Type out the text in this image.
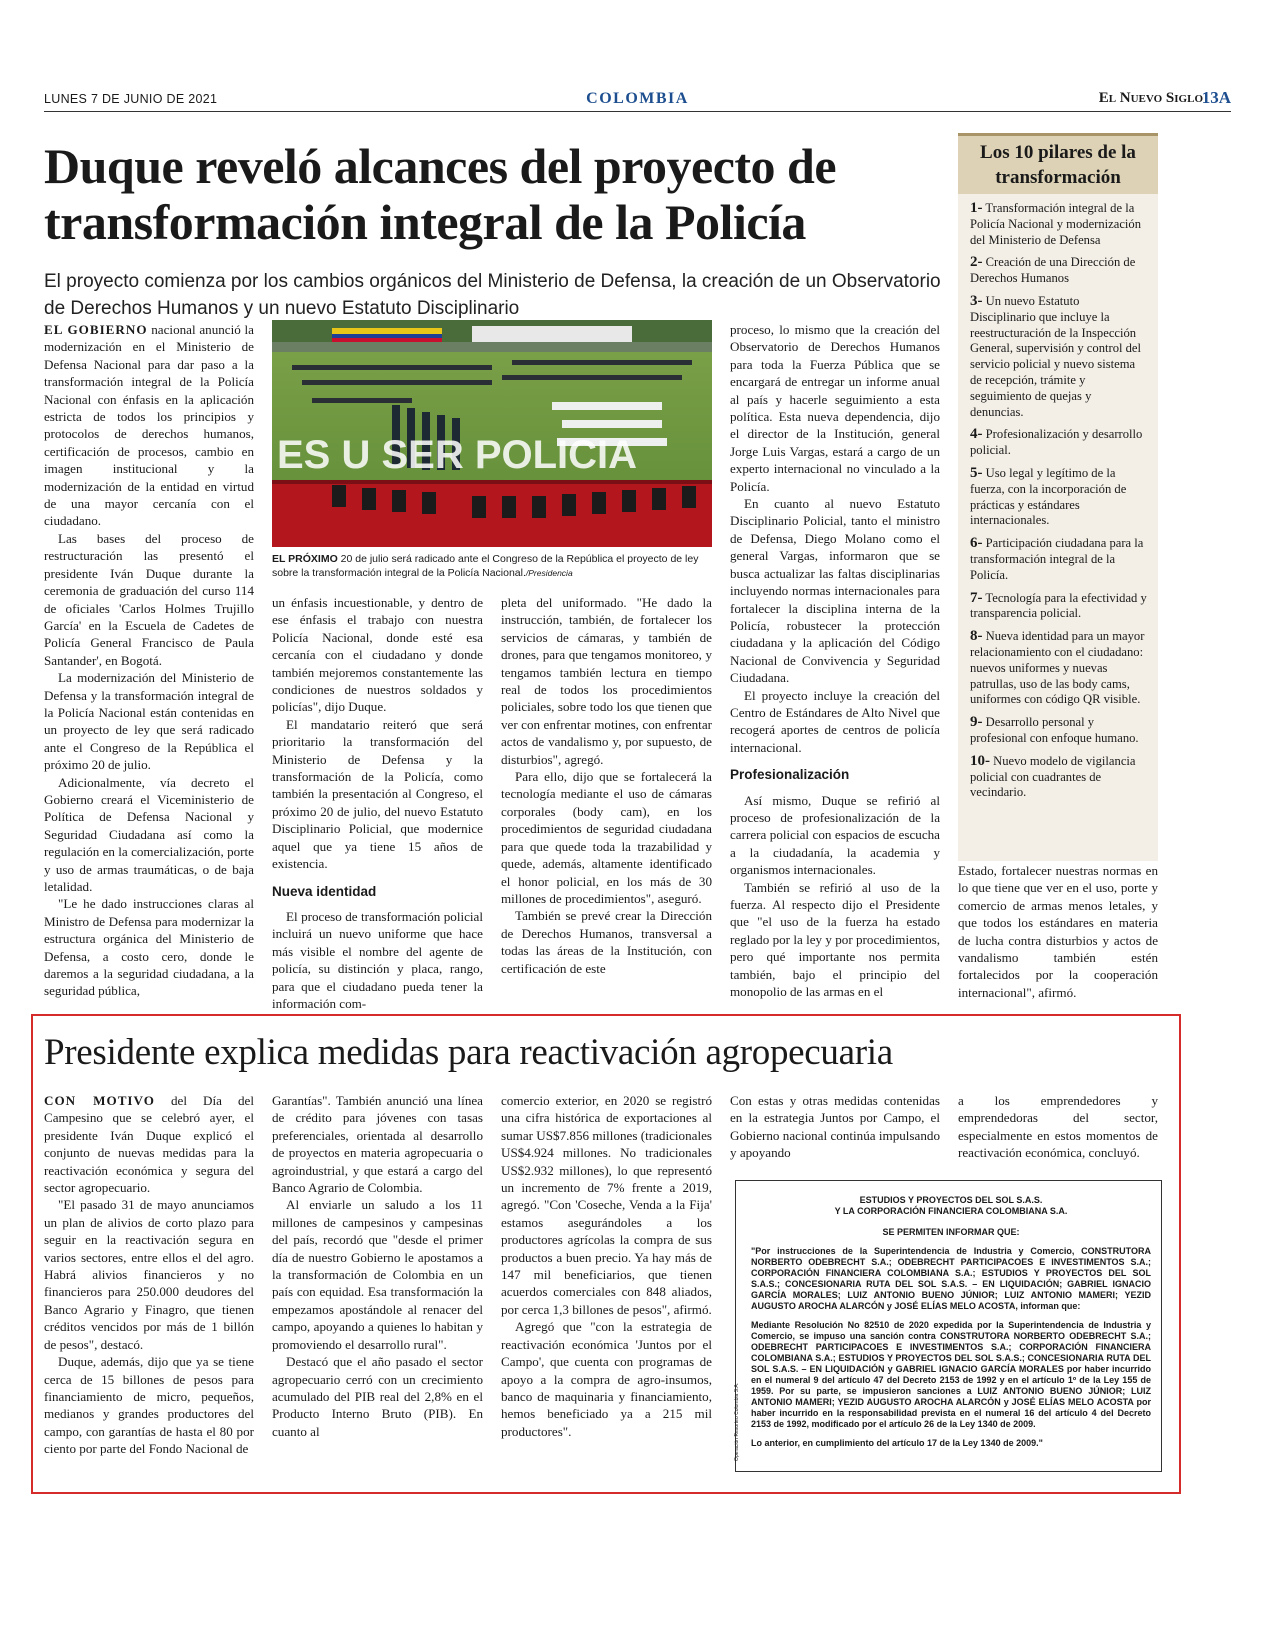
LUNES 7 DE JUNIO DE 2021	COLOMBIA	El Nuevo Siglo
13A
Duque reveló alcances del proyecto de transformación integral de la Policía
El proyecto comienza por los cambios orgánicos del Ministerio de Defensa, la creación de un Observatorio de Derechos Humanos y un nuevo Estatuto Disciplinario

EL GOBIERNO nacional anunció la modernización en el Ministerio de Defensa Nacional para dar paso a la transformación integral de la Policía Nacional con énfasis en la aplicación estricta de todos los principios y protocolos de derechos humanos, certificación de procesos, cambio en imagen institucional y la modernización de la entidad en virtud de una mayor cercanía con el ciudadano.

Las bases del proceso de restructuración las presentó el presidente Iván Duque durante la ceremonia de graduación del curso 114 de oficiales 'Carlos Holmes Trujillo García' en la Escuela de Cadetes de Policía General Francisco de Paula Santander', en Bogotá.

La modernización del Ministerio de Defensa y la transformación integral de la Policía Nacional están contenidas en un proyecto de ley que será radicado ante el Congreso de la República el próximo 20 de julio.

Adicionalmente, vía decreto el Gobierno creará el Viceministerio de Política de Defensa Nacional y Seguridad Ciudadana así como la regulación en la comercialización, porte y uso de armas traumáticas, o de baja letalidad.

"Le he dado instrucciones claras al Ministro de Defensa para modernizar la estructura orgánica del Ministerio de Defensa, a costo cero, donde le daremos a la seguridad ciudadana, a la seguridad pública,

ES U SER POLICIA
EL PRÓXIMO 20 de julio será radicado ante el Congreso de la República el proyecto de ley sobre la transformación integral de la Policía Nacional./Presidencia

un énfasis incuestionable, y dentro de ese énfasis el trabajo con nuestra Policía Nacional, donde esté esa cercanía con el ciudadano y donde también mejoremos constantemente las condiciones de nuestros soldados y policías", dijo Duque.

El mandatario reiteró que será prioritario la transformación del Ministerio de Defensa y la transformación de la Policía, como también la presentación al Congreso, el próximo 20 de julio, del nuevo Estatuto Disciplinario Policial, que modernice aquel que ya tiene 15 años de existencia.

Nueva identidad

El proceso de transformación policial incluirá un nuevo uniforme que hace más visible el nombre del agente de policía, su distinción y placa, rango, para que el ciudadano pueda tener la información com-

pleta del uniformado. "He dado la instrucción, también, de fortalecer los servicios de cámaras, y también de drones, para que tengamos monitoreo, y tengamos también lectura en tiempo real de todos los procedimientos policiales, sobre todo los que tienen que ver con enfrentar motines, con enfrentar actos de vandalismo y, por supuesto, de disturbios", agregó.

Para ello, dijo que se fortalecerá la tecnología mediante el uso de cámaras corporales (body cam), en los procedimientos de seguridad ciudadana para que quede toda la trazabilidad y quede, además, altamente identificado el honor policial, en los más de 30 millones de procedimientos", aseguró.

También se prevé crear la Dirección de Derechos Humanos, transversal a todas las áreas de la Institución, con certificación de este

proceso, lo mismo que la creación del Observatorio de Derechos Humanos para toda la Fuerza Pública que se encargará de entregar un informe anual al país y hacerle seguimiento a esta política. Esta nueva dependencia, dijo el director de la Institución, general Jorge Luis Vargas, estará a cargo de un experto internacional no vinculado a la Policía.

En cuanto al nuevo Estatuto Disciplinario Policial, tanto el ministro de Defensa, Diego Molano como el general Vargas, informaron que se busca actualizar las faltas disciplinarias incluyendo normas internacionales para fortalecer la disciplina interna de la Policía, robustecer la protección ciudadana y la aplicación del Código Nacional de Convivencia y Seguridad Ciudadana.

El proyecto incluye la creación del Centro de Estándares de Alto Nivel que recogerá aportes de centros de policía internacional.

Profesionalización

Así mismo, Duque se refirió al proceso de profesionalización de la carrera policial con espacios de escucha a la ciudadanía, la academia y organismos internacionales.

También se refirió al uso de la fuerza. Al respecto dijo el Presidente que "el uso de la fuerza ha estado reglado por la ley y por procedimientos, pero qué importante nos permita también, bajo el principio del monopolio de las armas en el

Los 10 pilares de la transformación
1- Transformación integral de la Policía Nacional y modernización del Ministerio de Defensa
2- Creación de una Dirección de Derechos Humanos
3- Un nuevo Estatuto Disciplinario que incluye la reestructuración de la Inspección General, supervisión y control del servicio policial y nuevo sistema de recepción, trámite y seguimiento de quejas y denuncias.
4- Profesionalización y desarrollo policial.
5- Uso legal y legítimo de la fuerza, con la incorporación de prácticas y estándares internacionales.
6- Participación ciudadana para la transformación integral de la Policía.
7- Tecnología para la efectividad y transparencia policial.
8- Nueva identidad para un mayor relacionamiento con el ciudadano: nuevos uniformes y nuevas patrullas, uso de las body cams, uniformes con código QR visible.
9- Desarrollo personal y profesional con enfoque humano.
10- Nuevo modelo de vigilancia policial con cuadrantes de vecindario.

Estado, fortalecer nuestras normas en lo que tiene que ver en el uso, porte y comercio de armas menos letales, y que todos los estándares en materia de lucha contra disturbios y actos de vandalismo también estén fortalecidos por la cooperación internacional", afirmó.

Presidente explica medidas para reactivación agropecuaria

CON MOTIVO del Día del Campesino que se celebró ayer, el presidente Iván Duque explicó el conjunto de nuevas medidas para la reactivación económica y segura del sector agropecuario.

"El pasado 31 de mayo anunciamos un plan de alivios de corto plazo para seguir en la reactivación segura en varios sectores, entre ellos el del agro. Habrá alivios financieros y no financieros para 250.000 deudores del Banco Agrario y Finagro, que tienen créditos vencidos por más de 1 billón de pesos", destacó.

Duque, además, dijo que ya se tiene cerca de 15 billones de pesos para financiamiento de micro, pequeños, medianos y grandes productores del campo, con garantías de hasta el 80 por ciento por parte del Fondo Nacional de

Garantías". También anunció una línea de crédito para jóvenes con tasas preferenciales, orientada al desarrollo de proyectos en materia agropecuaria o agroindustrial, y que estará a cargo del Banco Agrario de Colombia.

Al enviarle un saludo a los 11 millones de campesinos y campesinas del país, recordó que "desde el primer día de nuestro Gobierno le apostamos a la transformación de Colombia en un país con equidad. Esa transformación la empezamos apostándole al renacer del campo, apoyando a quienes lo habitan y promoviendo el desarrollo rural".

Destacó que el año pasado el sector agropecuario cerró con un crecimiento acumulado del PIB real del 2,8% en el Producto Interno Bruto (PIB). En cuanto al

comercio exterior, en 2020 se registró una cifra histórica de exportaciones al sumar US$7.856 millones (tradicionales US$4.924 millones. No tradicionales US$2.932 millones), lo que representó un incremento de 7% frente a 2019, agregó. "Con 'Coseche, Venda a la Fija' estamos asegurándoles a los productores agrícolas la compra de sus productos a buen precio. Ya hay más de 147 mil beneficiarios, que tienen acuerdos comerciales con 848 aliados, por cerca 1,3 billones de pesos", afirmó.

Agregó que "con la estrategia de reactivación económica 'Juntos por el Campo', que cuenta con programas de apoyo a la compra de agro-insumos, banco de maquinaria y financiamiento, hemos beneficiado ya a 215 mil productores".

Con estas y otras medidas contenidas en la estrategia Juntos por Campo, el Gobierno nacional continúa impulsando y apoyando

a los emprendedores y emprendedoras del sector, especialmente en estos momentos de reactivación económica, concluyó.

Operación Resorteo Colombia S.A.
ESTUDIOS Y PROYECTOS DEL SOL S.A.S.
Y LA CORPORACIÓN FINANCIERA COLOMBIANA S.A.
SE PERMITEN INFORMAR QUE:
"Por instrucciones de la Superintendencia de Industria y Comercio, CONSTRUTORA NORBERTO ODEBRECHT S.A.; ODEBRECHT PARTICIPACOES E INVESTIMENTOS S.A.; CORPORACIÓN FINANCIERA COLOMBIANA S.A.; ESTUDIOS Y PROYECTOS DEL SOL S.A.S.; CONCESIONARIA RUTA DEL SOL S.A.S. – EN LIQUIDACIÓN; GABRIEL IGNACIO GARCÍA MORALES; LUIZ ANTONIO BUENO JÚNIOR; LUIZ ANTONIO MAMERI; YEZID AUGUSTO AROCHA ALARCÓN y JOSÉ ELÍAS MELO ACOSTA, informan que:
Mediante Resolución No 82510 de 2020 expedida por la Superintendencia de Industria y Comercio, se impuso una sanción contra CONSTRUTORA NORBERTO ODEBRECHT S.A.; ODEBRECHT PARTICIPACOES E INVESTIMENTOS S.A.; CORPORACIÓN FINANCIERA COLOMBIANA S.A.; ESTUDIOS Y PROYECTOS DEL SOL S.A.S.; CONCESIONARIA RUTA DEL SOL S.A.S. – EN LIQUIDACIÓN y GABRIEL IGNACIO GARCÍA MORALES por haber incurrido en el numeral 9 del artículo 47 del Decreto 2153 de 1992 y en el artículo 1º de la Ley 155 de 1959. Por su parte, se impusieron sanciones a LUIZ ANTONIO BUENO JÚNIOR; LUIZ ANTONIO MAMERI; YEZID AUGUSTO AROCHA ALARCÓN y JOSÉ ELÍAS MELO ACOSTA por haber incurrido en la responsabilidad prevista en el numeral 16 del artículo 4 del Decreto 2153 de 1992, modificado por el artículo 26 de la Ley 1340 de 2009.
Lo anterior, en cumplimiento del artículo 17 de la Ley 1340 de 2009."
